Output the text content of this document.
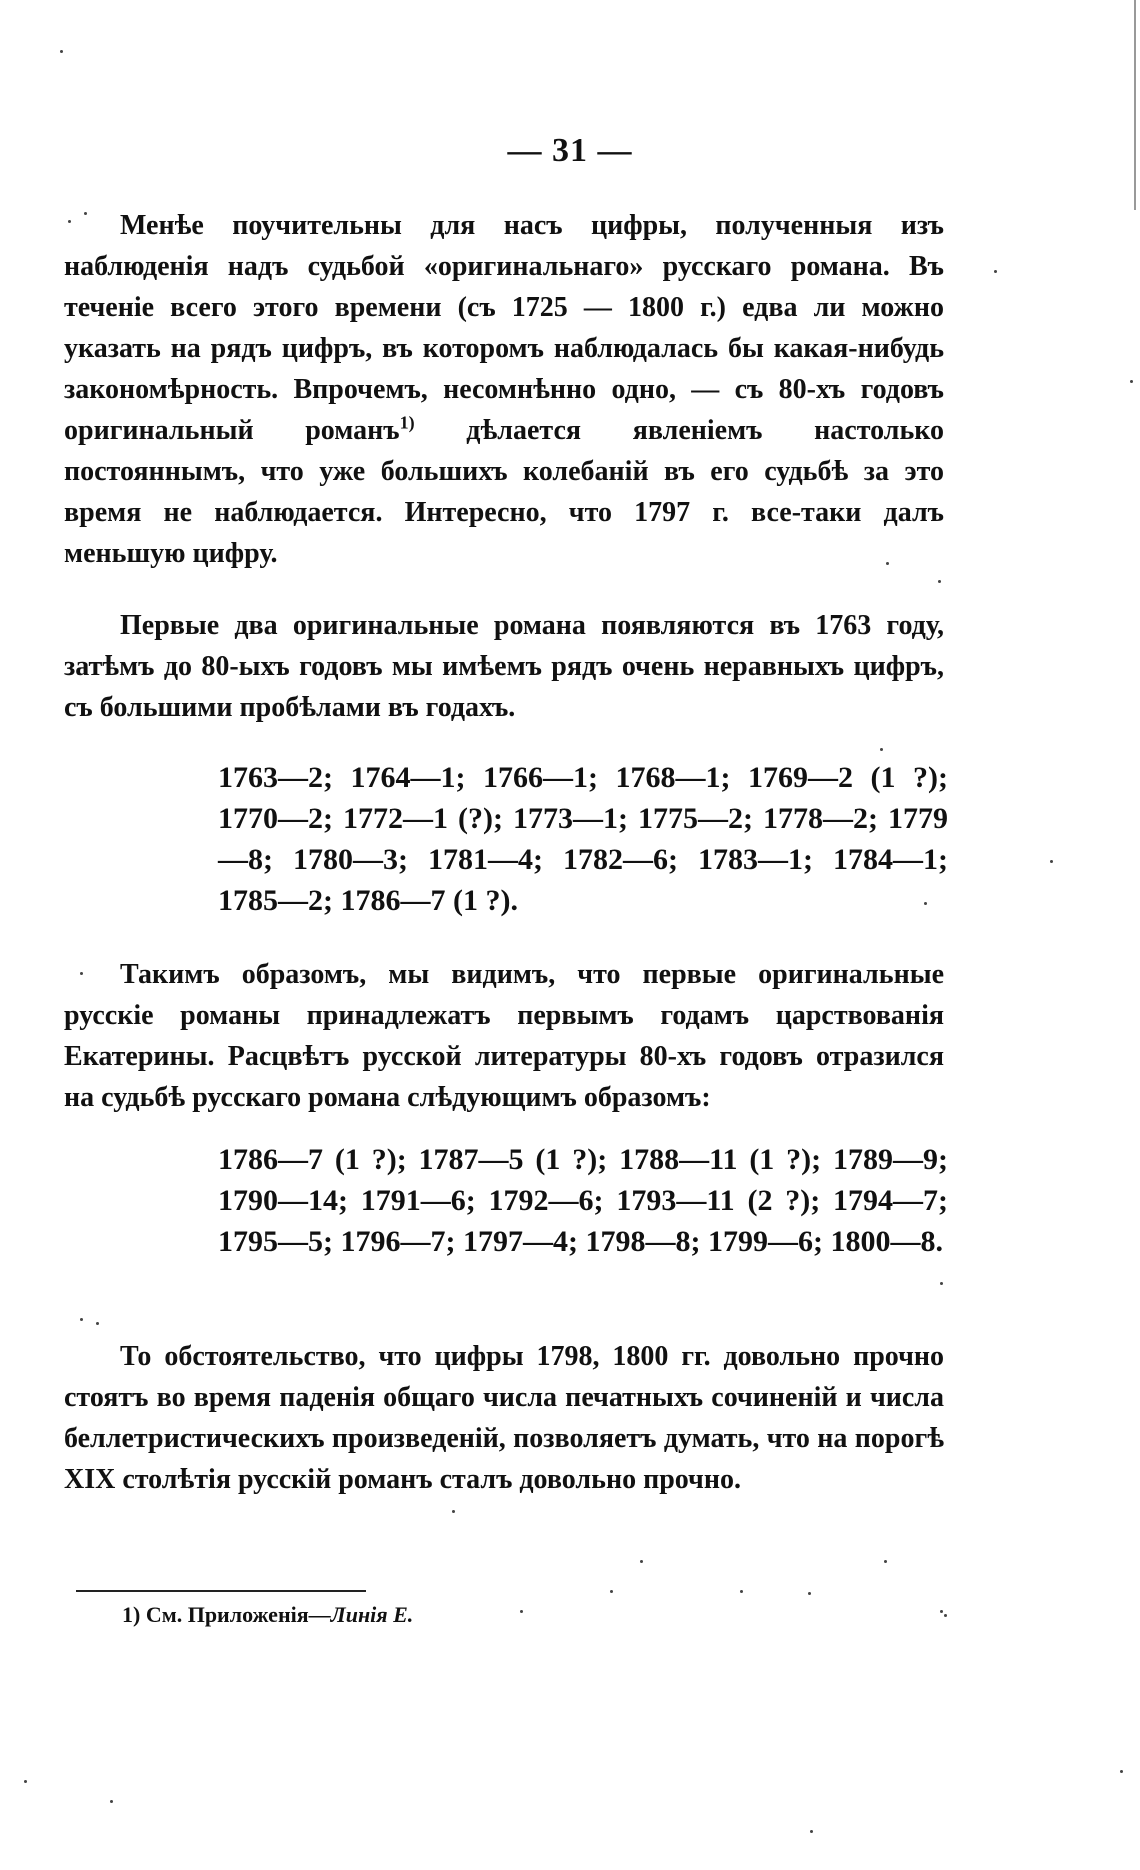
— 31 —

Менѣе поучительны для насъ цифры, полученныя изъ наблюденія надъ судьбой «оригинальнаго» русскаго романа. Въ теченіе всего этого времени (съ 1725 — 1800 г.) едва ли можно указать на рядъ цифръ, въ которомъ наблюдалась бы какая-нибудь закономѣрность. Впрочемъ, несомнѣнно одно, — съ 80-хъ годовъ оригинальный романъ$^{1)}$ дѣлается явленіемъ настолько постояннымъ, что уже большихъ колебаній въ его судьбѣ за это время не наблюдается. Интересно, что 1797 г. все-таки далъ меньшую цифру.

Первые два оригинальные романа появляются въ 1763 году, затѣмъ до 80-ыхъ годовъ мы имѣемъ рядъ очень неравныхъ цифръ, съ большими пробѣлами въ годахъ.

1763—2; 1764—1; 1766—1; 1768—1; 1769—2 (1 ?); 1770—2; 1772—1 (?); 1773—1; 1775—2; 1778—2; 1779—8; 1780—3; 1781—4; 1782—6; 1783—1; 1784—1; 1785—2; 1786—7 (1 ?).

Такимъ образомъ, мы видимъ, что первые оригинальные русскіе романы принадлежатъ первымъ годамъ царствованія Екатерины. Расцвѣтъ русской литературы 80-хъ годовъ отразился на судьбѣ русскаго романа слѣдующимъ образомъ:

1786—7 (1 ?); 1787—5 (1 ?); 1788—11 (1 ?); 1789—9; 1790—14; 1791—6; 1792—6; 1793—11 (2 ?); 1794—7; 1795—5; 1796—7; 1797—4; 1798—8; 1799—6; 1800—8.

То обстоятельство, что цифры 1798, 1800 гг. довольно прочно стоятъ во время паденія общаго числа печатныхъ сочиненій и числа беллетристическихъ произведеній, позволяетъ думать, что на порогѣ XIX столѣтія русскій романъ сталъ довольно прочно.

1) См. Приложенія—Линія Е.
